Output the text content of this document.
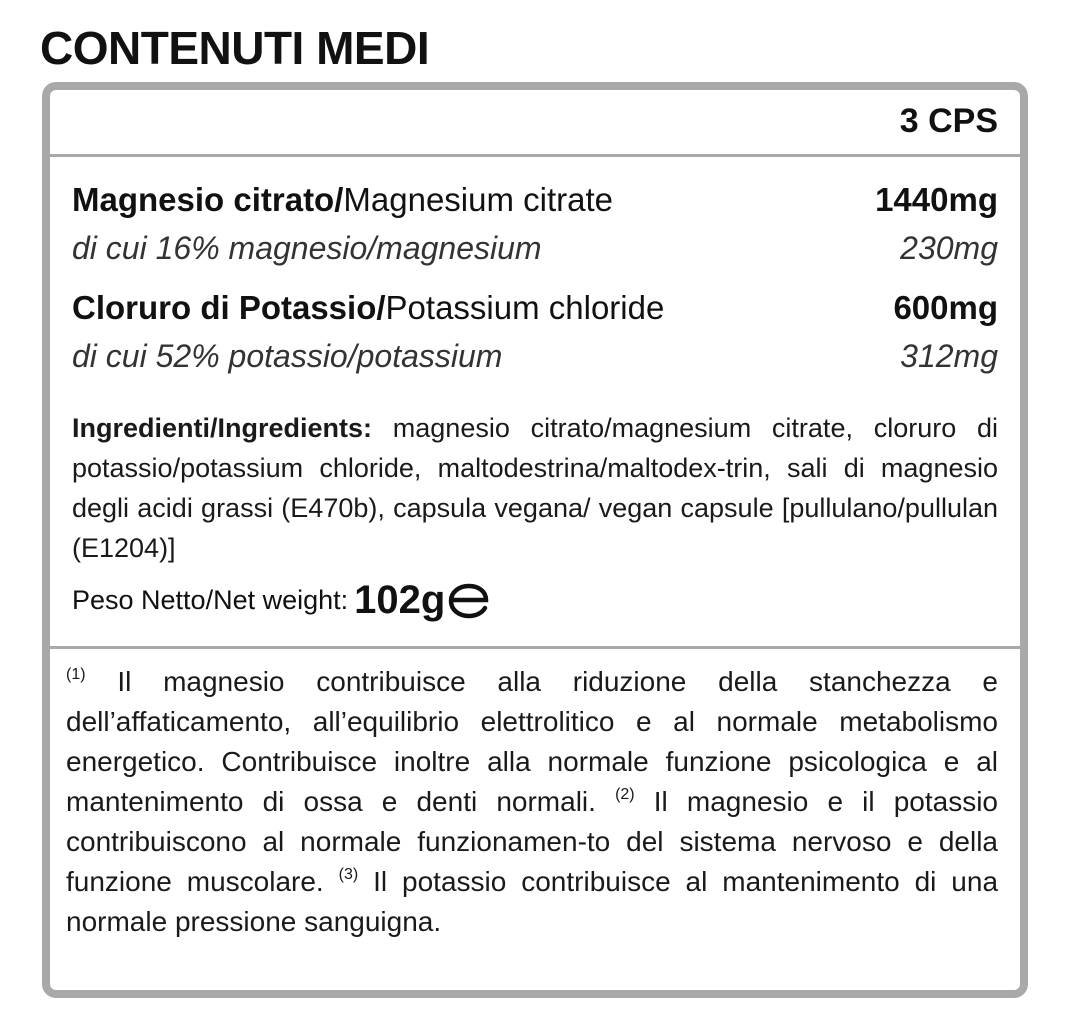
CONTENUTI MEDI
3 CPS
Magnesio citrato/Magnesium citrate	1440mg
di cui 16% magnesio/magnesium	230mg
Cloruro di Potassio/Potassium chloride	600mg
di cui 52% potassio/potassium	312mg
Ingredienti/Ingredients: magnesio citrato/magnesium citrate, cloruro di potassio/potassium chloride, maltodestrina/maltodex-trin, sali di magnesio degli acidi grassi (E470b), capsula vegana/ vegan capsule [pullulano/pullulan (E1204)]
Peso Netto/Net weight: 102g
$^{(1)}$ Il magnesio contribuisce alla riduzione della stanchezza e dell’affaticamento, all’equilibrio elettrolitico e al normale metabolismo energetico. Contribuisce inoltre alla normale funzione psicologica e al mantenimento di ossa e denti normali. $^{(2)}$ Il magnesio e il potassio contribuiscono al normale funzionamen-to del sistema nervoso e della funzione muscolare. $^{(3)}$ Il potassio contribuisce al mantenimento di una normale pressione sanguigna.
